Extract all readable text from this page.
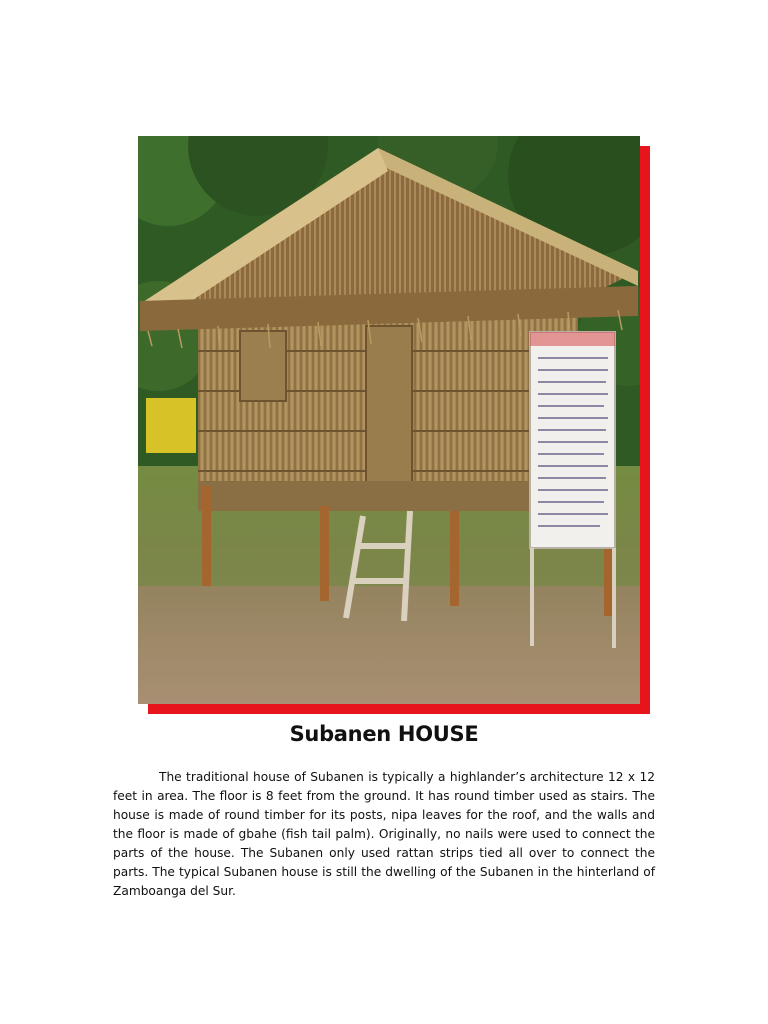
Subanen HOUSE

The traditional house of Subanen is typically a highlander’s architecture 12 x 12 feet in area. The floor is 8 feet from the ground. It has round timber used as stairs. The house is made of round timber for its posts, nipa leaves for the roof, and the walls and the floor is made of gbahe (fish tail palm). Originally, no nails were used to connect the parts of the house. The Subanen only used rattan strips tied all over to connect the parts. The typical Subanen house is still the dwelling of the Subanen in the hinterland of Zamboanga del Sur.
